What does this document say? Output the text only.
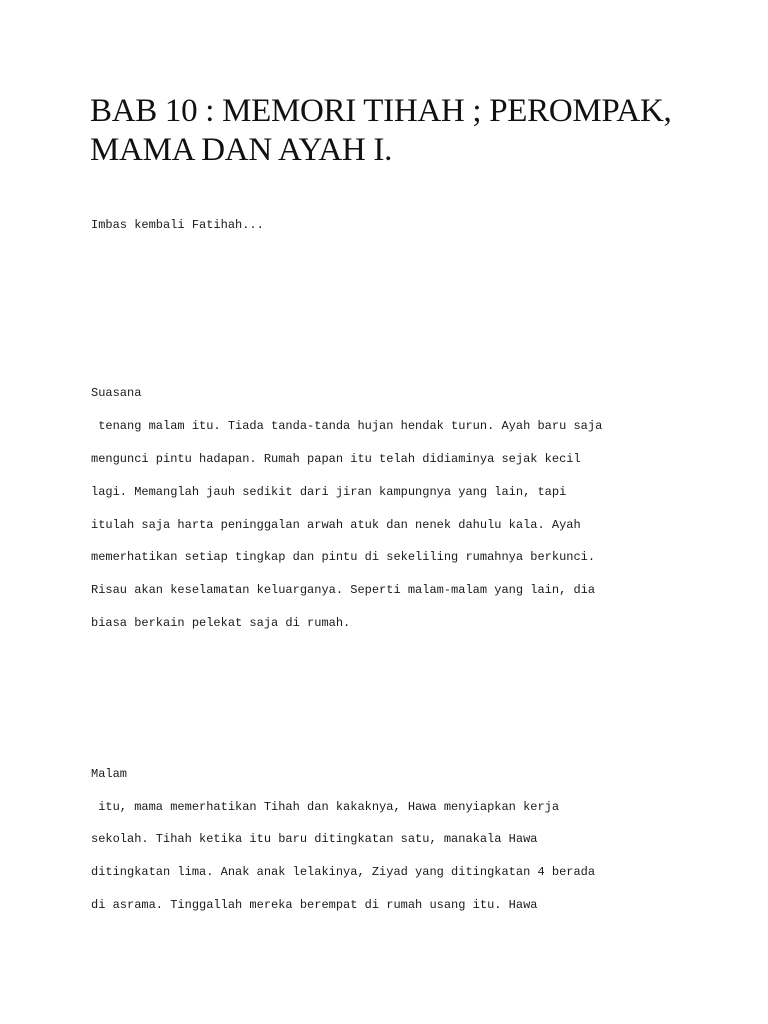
BAB 10 : MEMORI TIHAH ; PEROMPAK,
MAMA DAN AYAH I.

Imbas kembali Fatihah...

Suasana

tenang malam itu. Tiada tanda-tanda hujan hendak turun. Ayah baru saja

mengunci pintu hadapan. Rumah papan itu telah didiaminya sejak kecil

lagi. Memanglah jauh sedikit dari jiran kampungnya yang lain, tapi

itulah saja harta peninggalan arwah atuk dan nenek dahulu kala. Ayah

memerhatikan setiap tingkap dan pintu di sekeliling rumahnya berkunci.

Risau akan keselamatan keluarganya. Seperti malam-malam yang lain, dia

biasa berkain pelekat saja di rumah.

Malam

itu, mama memerhatikan Tihah dan kakaknya, Hawa menyiapkan kerja

sekolah. Tihah ketika itu baru ditingkatan satu, manakala Hawa

ditingkatan lima. Anak anak lelakinya, Ziyad yang ditingkatan 4 berada

di asrama. Tinggallah mereka berempat di rumah usang itu. Hawa
